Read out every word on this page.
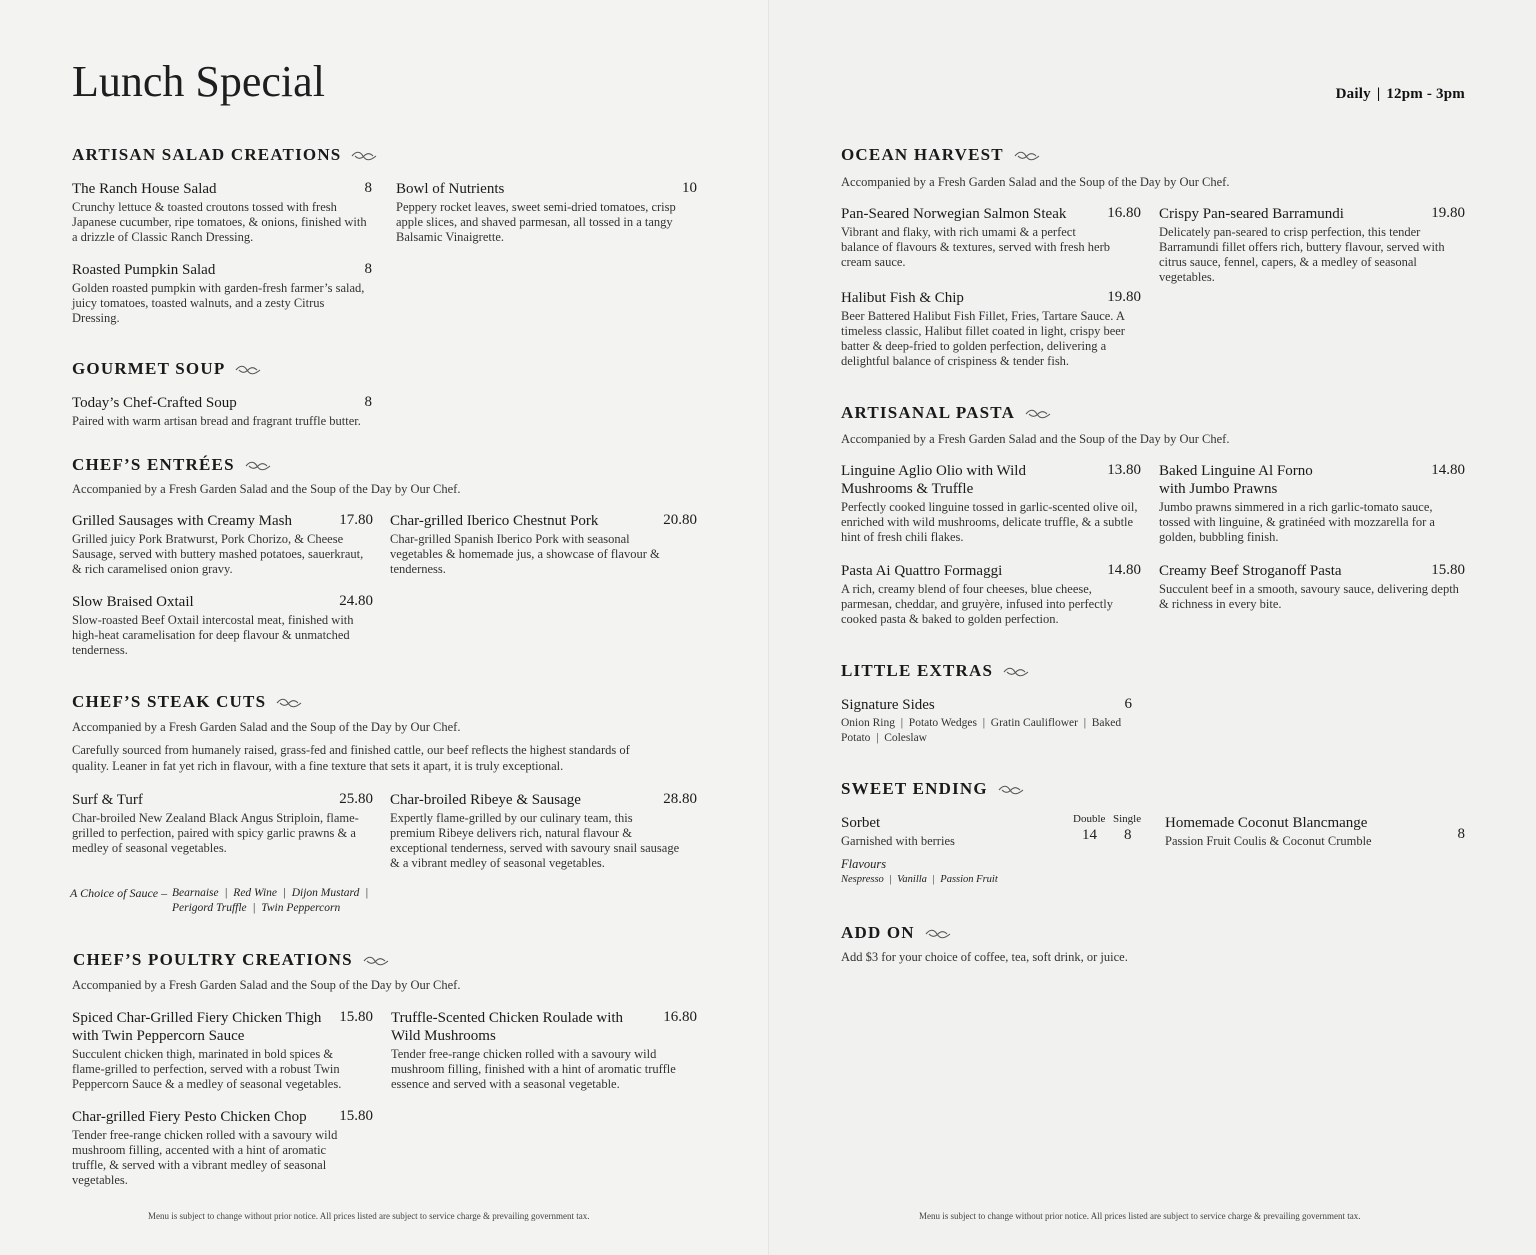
Lunch Special
ARTISAN SALAD CREATIONS
The Ranch House Salad	8
Crunchy lettuce & toasted croutons tossed with fresh Japanese cucumber, ripe tomatoes, & onions, finished with a drizzle of Classic Ranch Dressing.
Bowl of Nutrients	10
Peppery rocket leaves, sweet semi-dried tomatoes, crisp apple slices, and shaved parmesan, all tossed in a tangy Balsamic Vinaigrette.
Roasted Pumpkin Salad	8
Golden roasted pumpkin with garden-fresh farmer’s salad, juicy tomatoes, toasted walnuts, and a zesty Citrus Dressing.
GOURMET SOUP
Today’s Chef-Crafted Soup	8
Paired with warm artisan bread and fragrant truffle butter.
CHEF’S ENTRÉES
Accompanied by a Fresh Garden Salad and the Soup of the Day by Our Chef.
Grilled Sausages with Creamy Mash	17.80
Grilled juicy Pork Bratwurst, Pork Chorizo, & Cheese Sausage, served with buttery mashed potatoes, sauerkraut, & rich caramelised onion gravy.
Char-grilled Iberico Chestnut Pork	20.80
Char-grilled Spanish Iberico Pork with seasonal vegetables & homemade jus, a showcase of flavour & tenderness.
Slow Braised Oxtail	24.80
Slow-roasted Beef Oxtail intercostal meat, finished with high-heat caramelisation for deep flavour & unmatched tenderness.
CHEF’S STEAK CUTS
Accompanied by a Fresh Garden Salad and the Soup of the Day by Our Chef.
Carefully sourced from humanely raised, grass-fed and finished cattle, our beef reflects the highest standards of quality. Leaner in fat yet rich in flavour, with a fine texture that sets it apart, it is truly exceptional.
Surf & Turf	25.80
Char-broiled New Zealand Black Angus Striploin, flame-grilled to perfection, paired with spicy garlic prawns & a medley of seasonal vegetables.
Char-broiled Ribeye & Sausage	28.80
Expertly flame-grilled by our culinary team, this premium Ribeye delivers rich, natural flavour & exceptional tenderness, served with savoury snail sausage & a vibrant medley of seasonal vegetables.
A Choice of Sauce – Bearnaise  |  Red Wine  |  Dijon Mustard  |
Perigord Truffle  |  Twin Peppercorn
CHEF’S POULTRY CREATIONS
Accompanied by a Fresh Garden Salad and the Soup of the Day by Our Chef.
Spiced Char-Grilled Fiery Chicken Thigh with Twin Peppercorn Sauce
15.80
Succulent chicken thigh, marinated in bold spices & flame-grilled to perfection, served with a robust Twin Peppercorn Sauce & a medley of seasonal vegetables.
Truffle-Scented Chicken Roulade with Wild Mushrooms
16.80
Tender free-range chicken rolled with a savoury wild mushroom filling, finished with a hint of aromatic truffle essence and served with a seasonal vegetable.
Char-grilled Fiery Pesto Chicken Chop	15.80
Tender free-range chicken rolled with a savoury wild mushroom filling, accented with a hint of aromatic truffle, & served with a vibrant medley of seasonal vegetables.
Menu is subject to change without prior notice. All prices listed are subject to service charge & prevailing government tax.
Daily | 12pm - 3pm
OCEAN HARVEST
Accompanied by a Fresh Garden Salad and the Soup of the Day by Our Chef.
Pan-Seared Norwegian Salmon Steak	16.80
Vibrant and flaky, with rich umami & a perfect balance of flavours & textures, served with fresh herb cream sauce.
Crispy Pan-seared Barramundi	19.80
Delicately pan-seared to crisp perfection, this tender Barramundi fillet offers rich, buttery flavour, served with citrus sauce, fennel, capers, & a medley of seasonal vegetables.
Halibut Fish & Chip	19.80
Beer Battered Halibut Fish Fillet, Fries, Tartare Sauce. A timeless classic, Halibut fillet coated in light, crispy beer batter & deep-fried to golden perfection, delivering a delightful balance of crispiness & tender fish.
ARTISANAL PASTA
Accompanied by a Fresh Garden Salad and the Soup of the Day by Our Chef.
Linguine Aglio Olio with Wild Mushrooms & Truffle
13.80
Perfectly cooked linguine tossed in garlic-scented olive oil, enriched with wild mushrooms, delicate truffle, & a subtle hint of fresh chili flakes.
Baked Linguine Al Forno with Jumbo Prawns
14.80
Jumbo prawns simmered in a rich garlic-tomato sauce, tossed with linguine, & gratinéed with mozzarella for a golden, bubbling finish.
Pasta Ai Quattro Formaggi	14.80
A rich, creamy blend of four cheeses, blue cheese, parmesan, cheddar, and gruyère, infused into perfectly cooked pasta & baked to golden perfection.
Creamy Beef Stroganoff Pasta	15.80
Succulent beef in a smooth, savoury sauce, delivering depth & richness in every bite.
LITTLE EXTRAS
Signature Sides	6
Onion Ring  |  Potato Wedges  |  Gratin Cauliflower  |  Baked Potato  |  Coleslaw
SWEET ENDING
Sorbet
Garnished with berries
Double Single
14 8
Flavours
Nespresso  |  Vanilla  |  Passion Fruit
Homemade Coconut Blancmange
8
Passion Fruit Coulis & Coconut Crumble
ADD ON
Add $3 for your choice of coffee, tea, soft drink, or juice.
Menu is subject to change without prior notice. All prices listed are subject to service charge & prevailing government tax.
